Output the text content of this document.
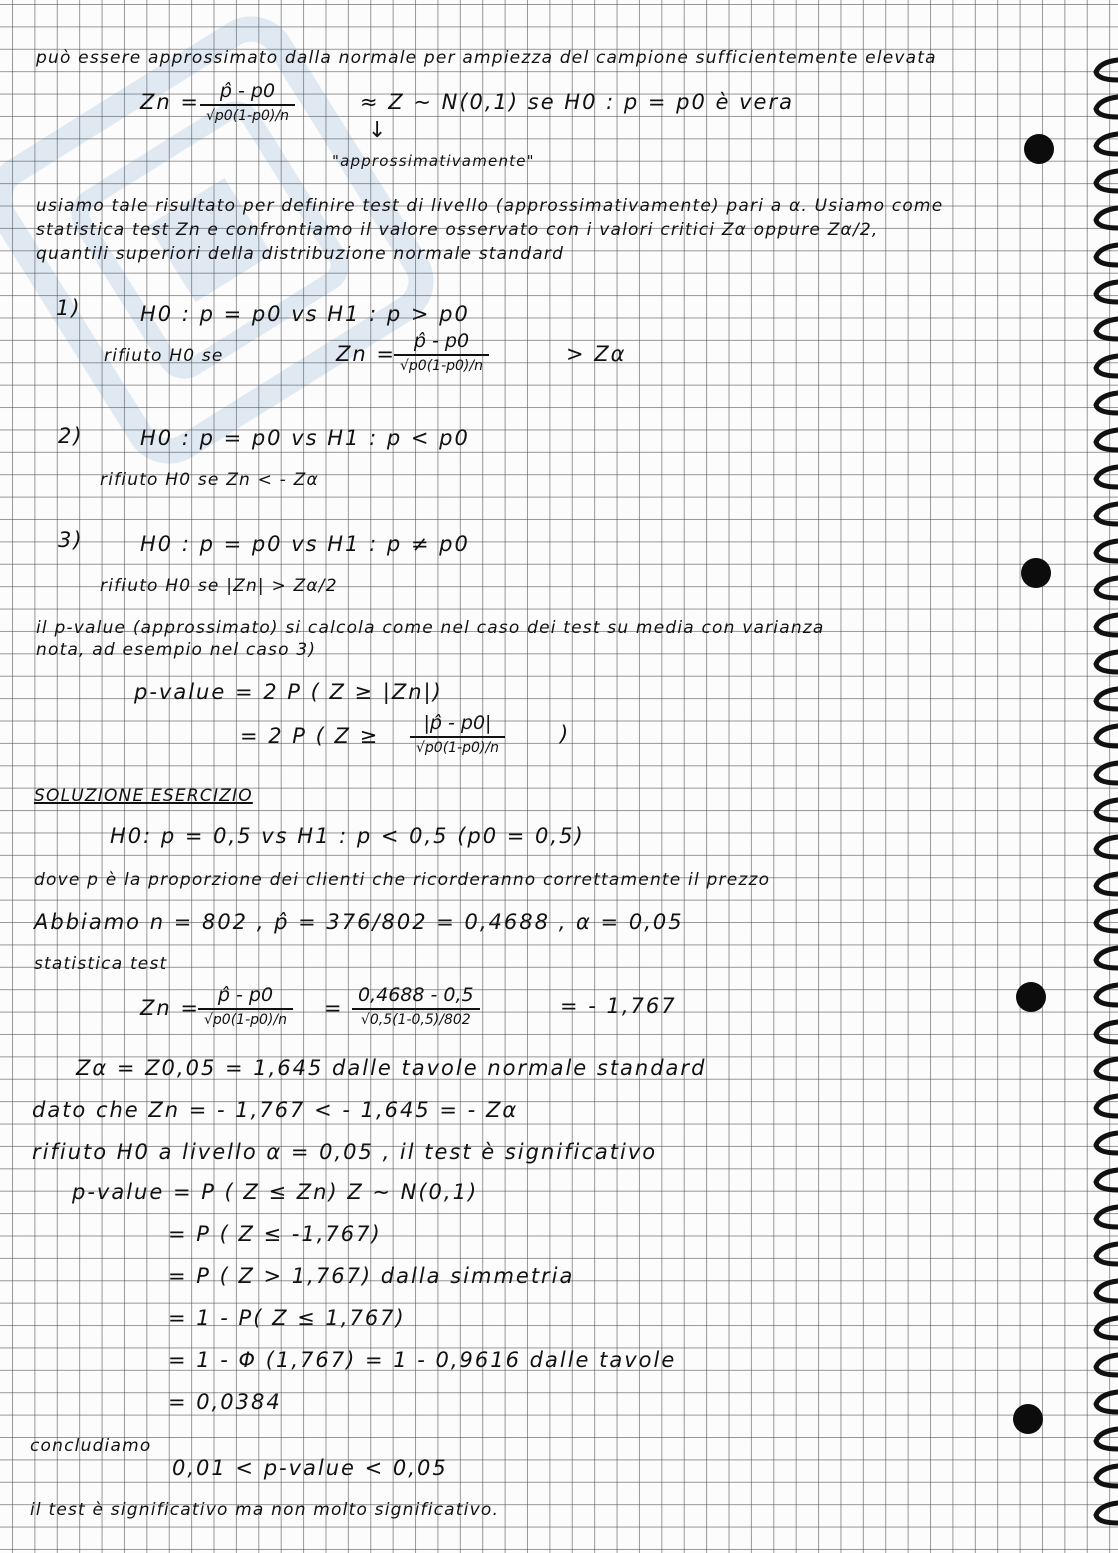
può essere approssimato dalla normale per ampiezza del campione sufficientemente elevata
Zn =	p̂ - p0
√p0(1-p0)/n
≈ Z ∼ N(0,1) se H0 : p = p0 è vera
↓
"approssimativamente"
usiamo tale risultato per definire test di livello (approssimativamente) pari a α. Usiamo come
statistica test Zn e confrontiamo il valore osservato con i valori critici Zα oppure Zα/2,
quantili superiori della distribuzione normale standard
1)	H0 : p = p0 vs H1 : p > p0
rifiuto H0 se	Zn =
p̂ - p0
√p0(1-p0)/n	> Zα
2)	H0 : p = p0 vs H1 : p < p0
rifiuto H0 se Zn < - Zα
3)	H0 : p = p0 vs H1 : p ≠ p0
rifiuto H0 se |Zn| > Zα/2
il p-value (approssimato) si calcola come nel caso dei test su media con varianza
nota, ad esempio nel caso 3)
p-value = 2 P ( Z ≥ |Zn|)
= 2 P ( Z ≥
|p̂ - p0|
√p0(1-p0)/n
)
SOLUZIONE ESERCIZIO
H0: p = 0,5 vs H1 : p < 0,5 (p0 = 0,5)
dove p è la proporzione dei clienti che ricorderanno correttamente il prezzo
Abbiamo n = 802 , p̂ = 376/802 = 0,4688 , α = 0,05
statistica test
Zn =
p̂ - p0
√p0(1-p0)/n =
0,4688 - 0,5
√0,5(1-0,5)/802
= - 1,767
Zα = Z0,05 = 1,645 dalle tavole normale standard
dato che Zn = - 1,767 < - 1,645 = - Zα
rifiuto H0 a livello α = 0,05 , il test è significativo
p-value = P ( Z ≤ Zn) Z ∼ N(0,1)
= P ( Z ≤ -1,767)
= P ( Z > 1,767) dalla simmetria
= 1 - P( Z ≤ 1,767)
= 1 - Φ (1,767) = 1 - 0,9616 dalle tavole
= 0,0384
concludiamo
0,01 < p-value < 0,05
il test è significativo ma non molto significativo.
